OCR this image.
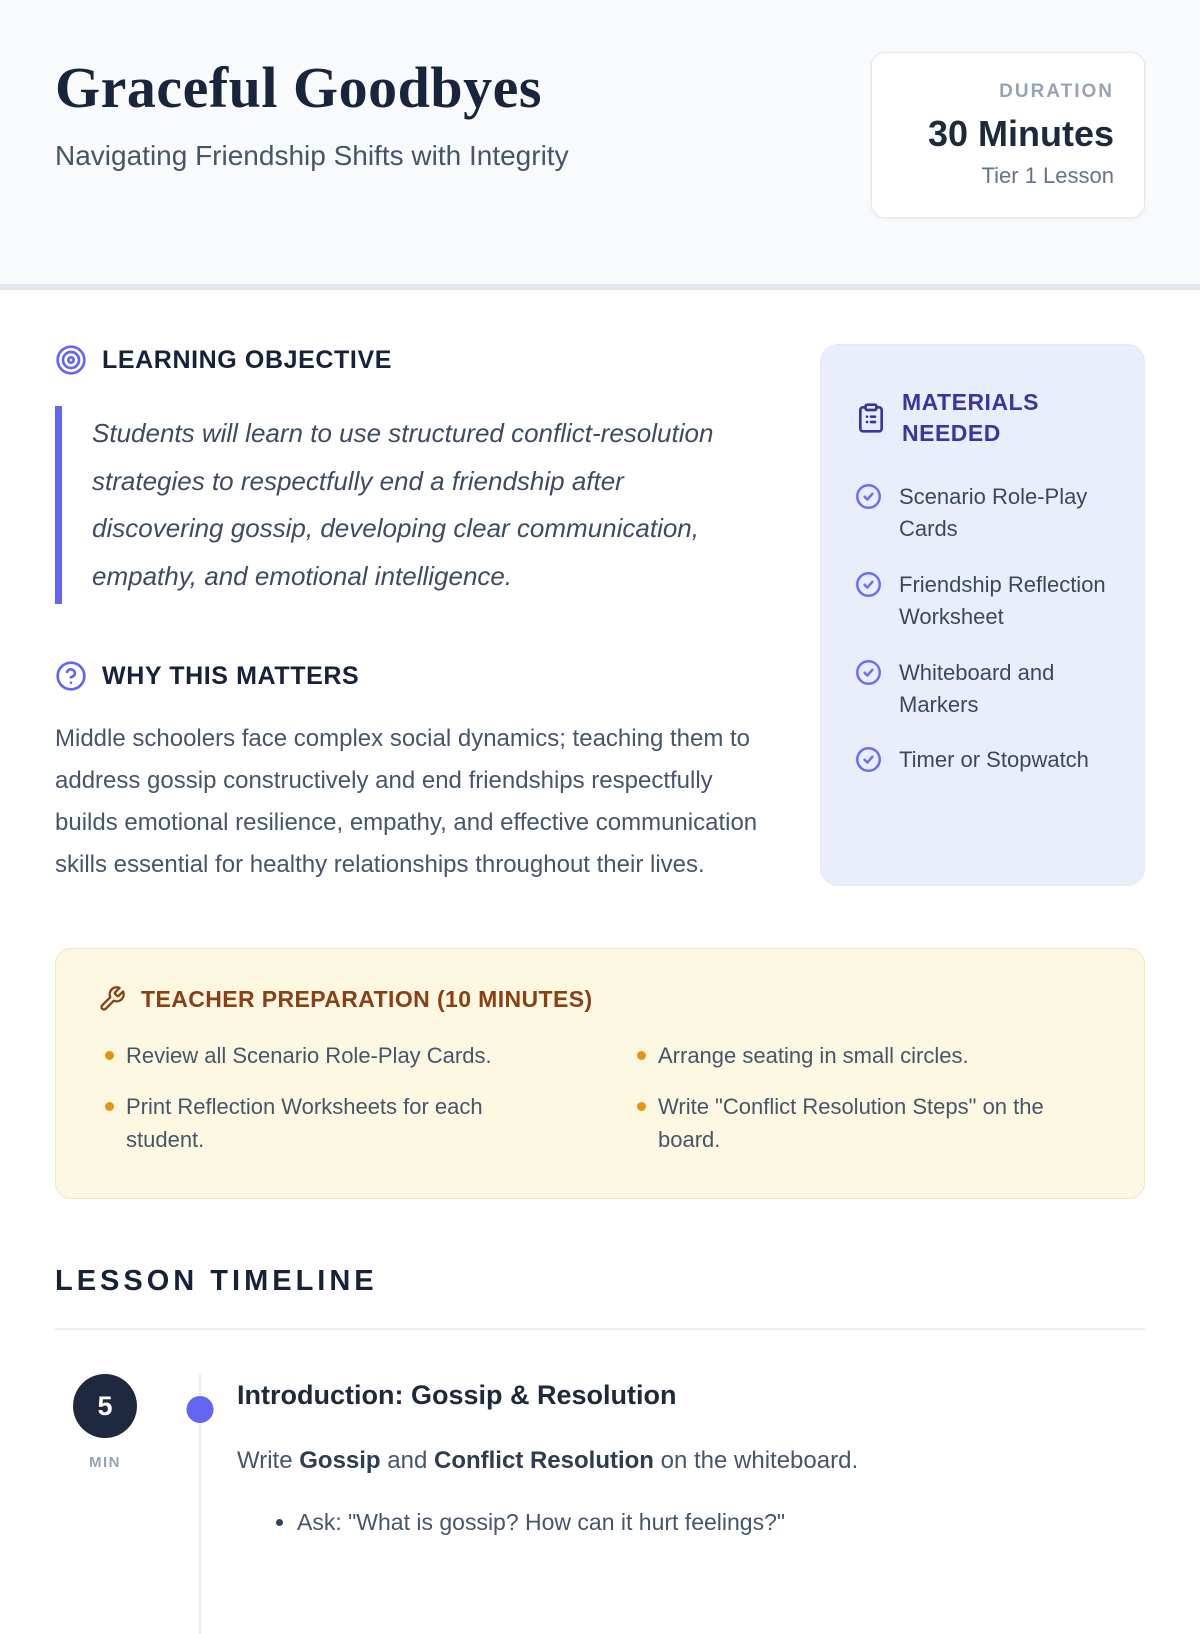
Graceful Goodbyes

Navigating Friendship Shifts with Integrity

DURATION
30 Minutes
Tier 1 Lesson
LEARNING OBJECTIVE
Students will learn to use structured conflict-resolution strategies to respectfully end a friendship after discovering gossip, developing clear communication, empathy, and emotional intelligence.
WHY THIS MATTERS

Middle schoolers face complex social dynamics; teaching them to address gossip constructively and end friendships respectfully builds emotional resilience, empathy, and effective communication skills essential for healthy relationships throughout their lives.

MATERIALS NEEDED
Scenario Role-Play Cards
Friendship Reflection Worksheet
Whiteboard and Markers
Timer or Stopwatch
TEACHER PREPARATION (10 MINUTES)
Review all Scenario Role-Play Cards.
Print Reflection Worksheets for each student.
Arrange seating in small circles.
Write "Conflict Resolution Steps" on the board.
LESSON TIMELINE
5
MIN
Introduction: Gossip & Resolution

Write Gossip and Conflict Resolution on the whiteboard.

• Ask: "What is gossip? How can it hurt feelings?"
